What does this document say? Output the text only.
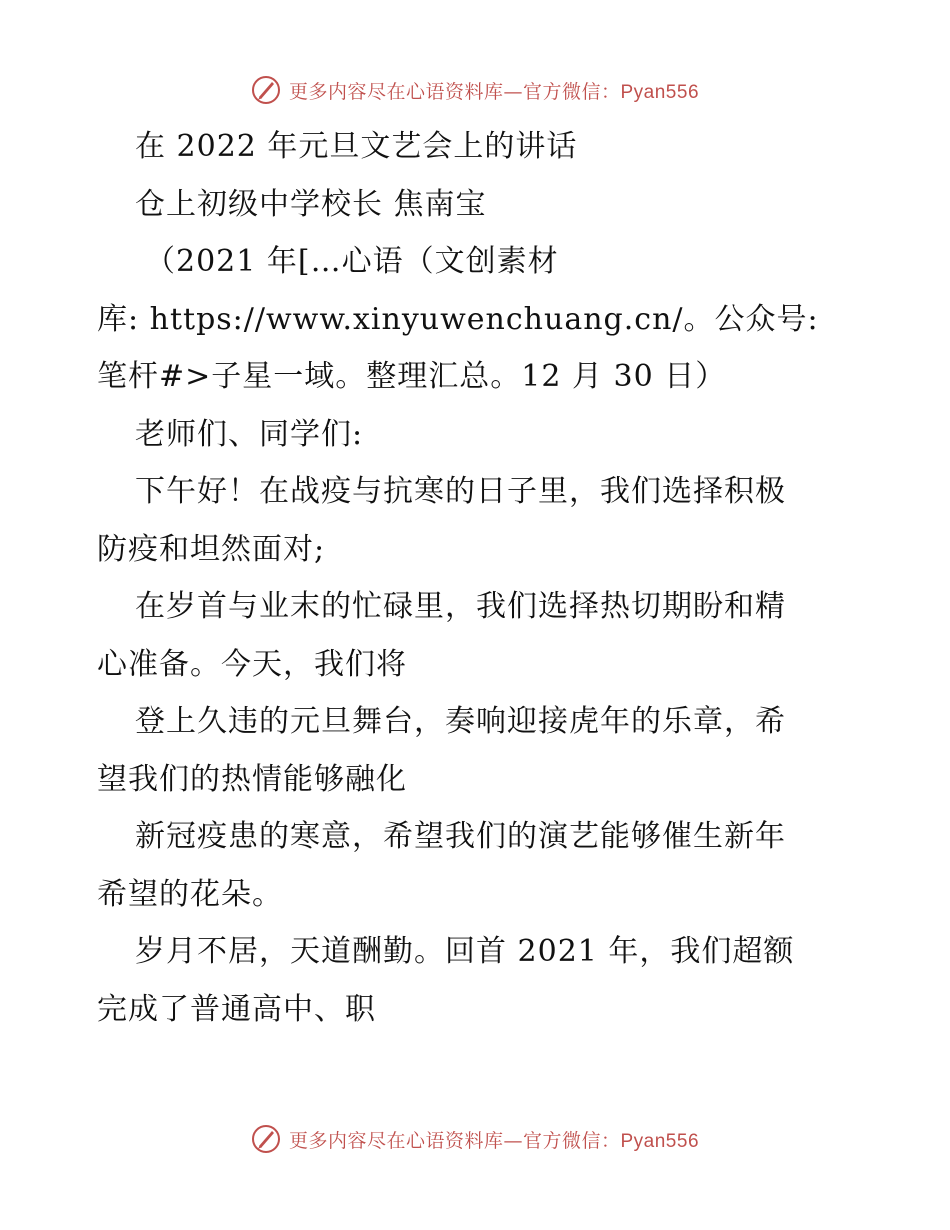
更多内容尽在心语资料库—官方微信：Pyan556

在 2022 年元旦文艺会上的讲话

仓上初级中学校长 焦南宝

（2021 年[…心语（文创素材

库: https://www.xinyuwenchuang.cn/。公众号:

笔杆#>子星一域。整理汇总。12 月 30 日）

老师们、同学们:

下午好！在战疫与抗寒的日子里，我们选择积极

防疫和坦然面对;

在岁首与业末的忙碌里，我们选择热切期盼和精

心准备。今天，我们将

登上久违的元旦舞台，奏响迎接虎年的乐章，希

望我们的热情能够融化

新冠疫患的寒意，希望我们的演艺能够催生新年

希望的花朵。

岁月不居，天道酬勤。回首 2021 年，我们超额

完成了普通高中、职

更多内容尽在心语资料库—官方微信：Pyan556
